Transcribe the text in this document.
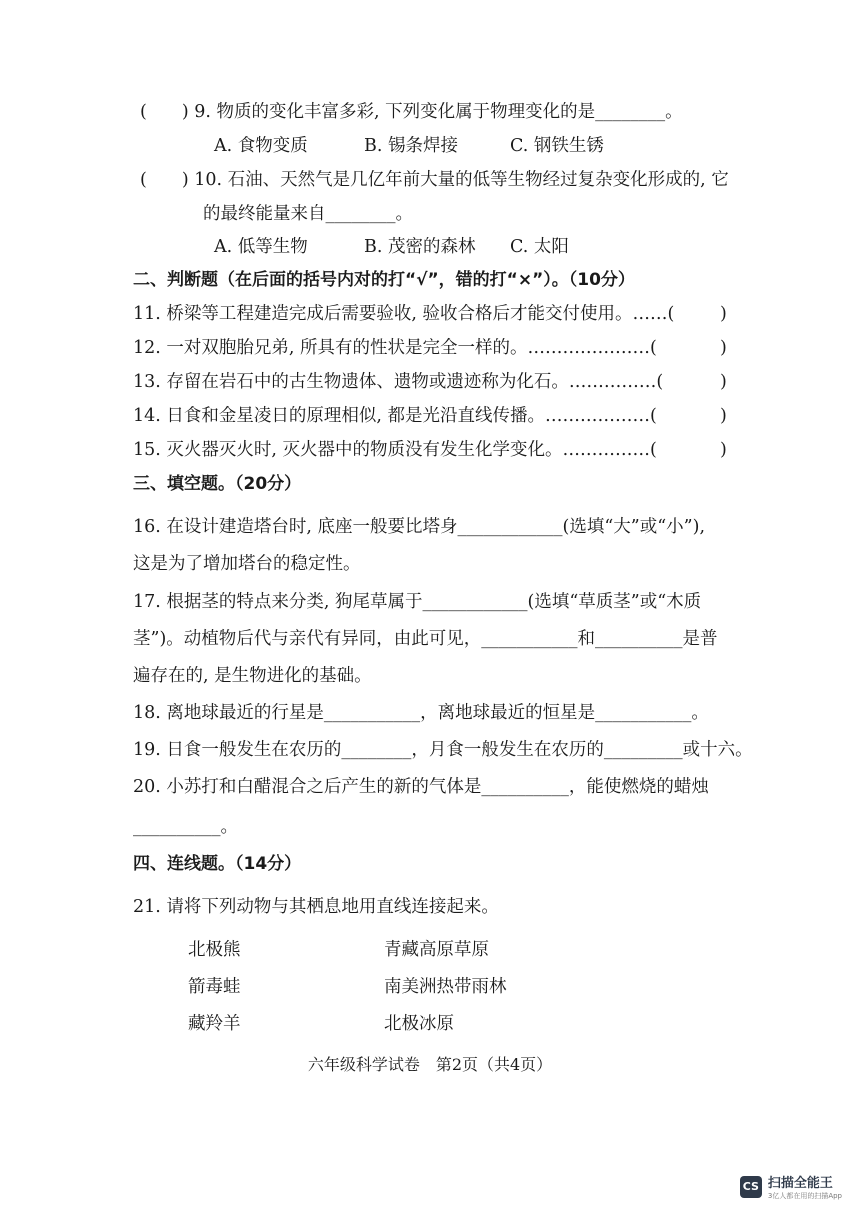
(　　) 9. 物质的变化丰富多彩, 下列变化属于物理变化的是________。
A. 食物变质	B. 锡条焊接	C. 钢铁生锈
(　　) 10. 石油、天然气是几亿年前大量的低等生物经过复杂变化形成的, 它
的最终能量来自________。
A. 低等生物	B. 茂密的森林 C. 太阳
二、判断题（在后面的括号内对的打“√”，错的打“×”）。（10分）
11. 桥梁等工程建造完成后需要验收, 验收合格后才能交付使用。……(	)
12. 一对双胞胎兄弟, 所具有的性状是完全一样的。…………………(	)
13. 存留在岩石中的古生物遗体、遗物或遗迹称为化石。……………(	)
14. 日食和金星凌日的原理相似, 都是光沿直线传播。………………(	)
15. 灭火器灭火时, 灭火器中的物质没有发生化学变化。……………(	)
三、填空题。（20分）
16. 在设计建造塔台时, 底座一般要比塔身____________(选填“大”或“小”),
这是为了增加塔台的稳定性。
17. 根据茎的特点来分类, 狗尾草属于____________(选填“草质茎”或“木质
茎”)。动植物后代与亲代有异同，由此可见，___________和__________是普
遍存在的, 是生物进化的基础。
18. 离地球最近的行星是___________，离地球最近的恒星是___________。
19. 日食一般发生在农历的________，月食一般发生在农历的_________或十六。
20. 小苏打和白醋混合之后产生的新的气体是__________，能使燃烧的蜡烛
__________。
四、连线题。（14分）
21. 请将下列动物与其栖息地用直线连接起来。
北极熊
箭毒蛙
藏羚羊
青藏高原草原
南美洲热带雨林
北极冰原
六年级科学试卷　第2页（共4页）
CS 扫描全能王
3亿人都在用的扫描App
